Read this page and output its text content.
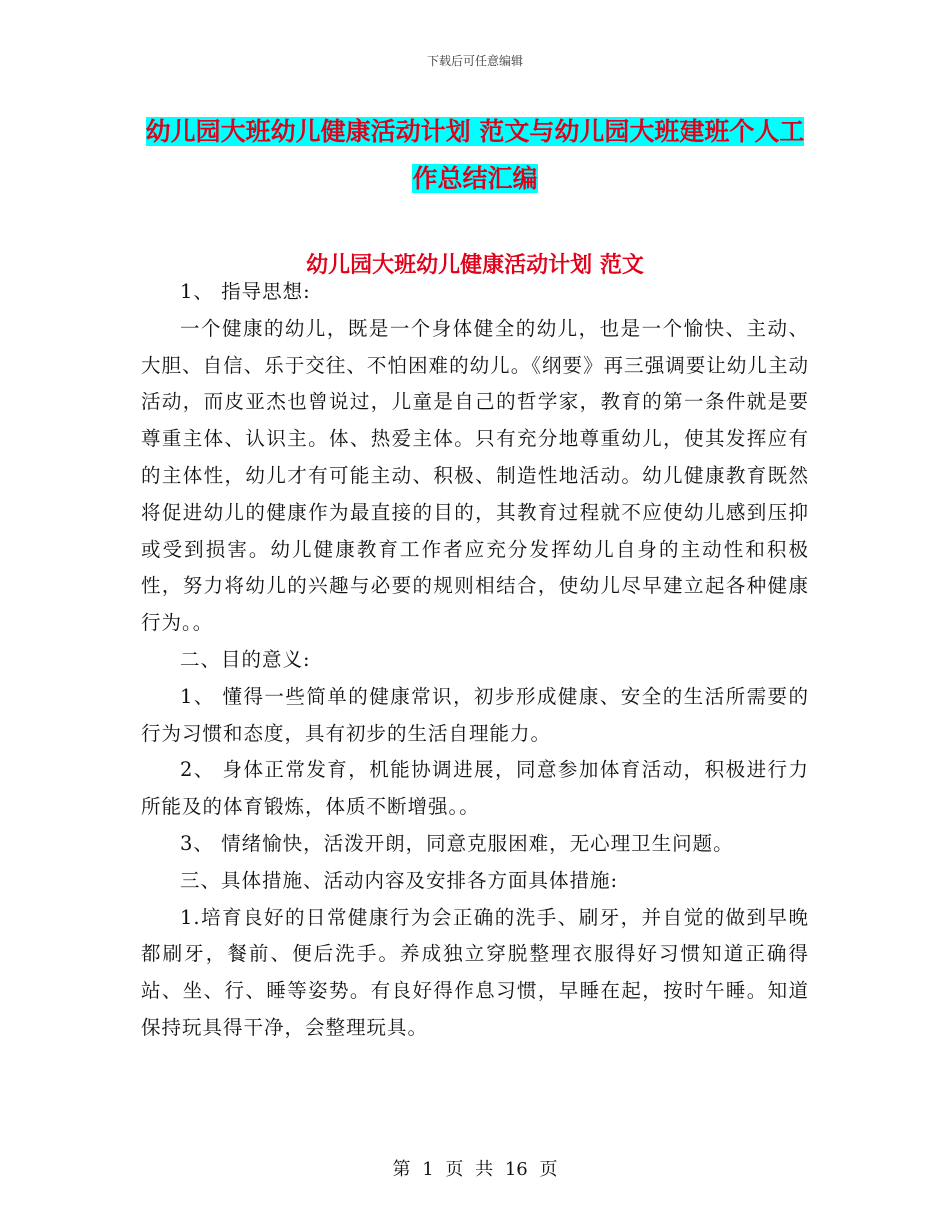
下载后可任意编辑
幼儿园大班幼儿健康活动计划 范文与幼儿园大班建班个人工作总结汇编
幼儿园大班幼儿健康活动计划 范文

1、 指导思想:

一个健康的幼儿，既是一个身体健全的幼儿，也是一个愉快、主动、大胆、自信、乐于交往、不怕困难的幼儿。《纲要》再三强调要让幼儿主动活动，而皮亚杰也曾说过，儿童是自己的哲学家，教育的第一条件就是要尊重主体、认识主。体、热爱主体。只有充分地尊重幼儿，使其发挥应有的主体性，幼儿才有可能主动、积极、制造性地活动。幼儿健康教育既然将促进幼儿的健康作为最直接的目的，其教育过程就不应使幼儿感到压抑或受到损害。幼儿健康教育工作者应充分发挥幼儿自身的主动性和积极性，努力将幼儿的兴趣与必要的规则相结合，使幼儿尽早建立起各种健康行为。。

二、目的意义:

1、 懂得一些简单的健康常识，初步形成健康、安全的生活所需要的行为习惯和态度，具有初步的生活自理能力。

2、 身体正常发育，机能协调进展，同意参加体育活动，积极进行力所能及的体育锻炼，体质不断增强。。

3、 情绪愉快，活泼开朗，同意克服困难，无心理卫生问题。

三、具体措施、活动内容及安排各方面具体措施:

1.培育良好的日常健康行为会正确的洗手、刷牙，并自觉的做到早晚都刷牙，餐前、便后洗手。养成独立穿脱整理衣服得好习惯知道正确得站、坐、行、睡等姿势。有良好得作息习惯，早睡在起，按时午睡。知道保持玩具得干净，会整理玩具。

第 1 页 共 16 页
